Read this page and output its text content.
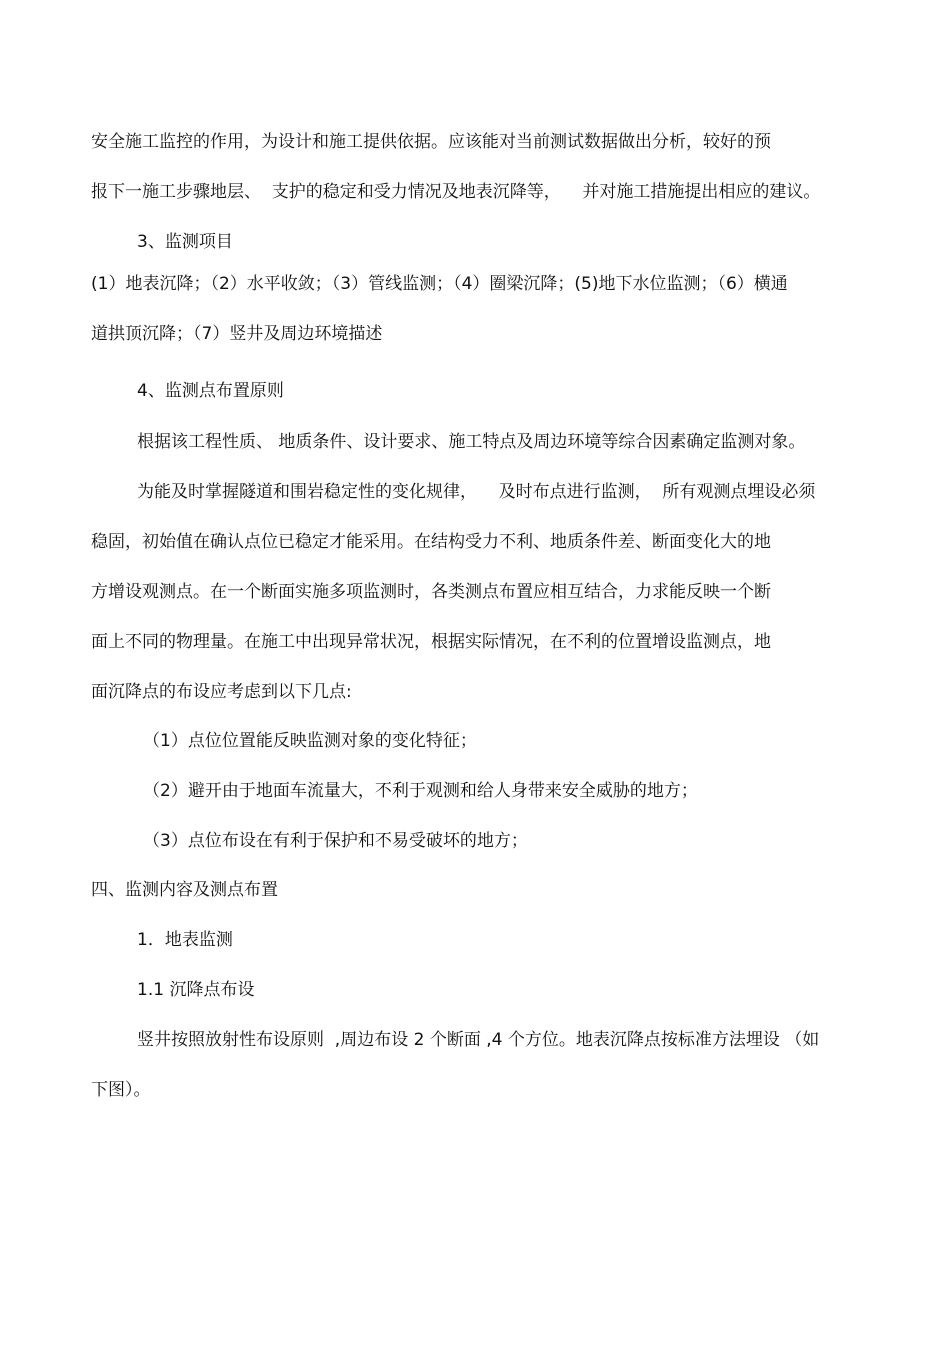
安全施工监控的作用，为设计和施工提供依据。应该能对当前测试数据做出分析，较好的预
报下一施工步骤地层、  支护的稳定和受力情况及地表沉降等，    并对施工措施提出相应的建议。
3、监测项目
(1）地表沉降；（2）水平收敛；（3）管线监测；（4）圈梁沉降；(5)地下水位监测；（6）横通
道拱顶沉降；（7）竖井及周边环境描述
4、监测点布置原则
根据该工程性质、 地质条件、设计要求、施工特点及周边环境等综合因素确定监测对象。
为能及时掌握隧道和围岩稳定性的变化规律，    及时布点进行监测，  所有观测点埋设必须
稳固，初始值在确认点位已稳定才能采用。在结构受力不利、地质条件差、断面变化大的地
方增设观测点。在一个断面实施多项监测时，各类测点布置应相互结合，力求能反映一个断
面上不同的物理量。在施工中出现异常状况，根据实际情况，在不利的位置增设监测点，地
面沉降点的布设应考虑到以下几点:
（1）点位位置能反映监测对象的变化特征；
（2）避开由于地面车流量大，不利于观测和给人身带来安全威胁的地方；
（3）点位布设在有利于保护和不易受破坏的地方；
四、监测内容及测点布置
1．地表监测
1.1 沉降点布设
竖井按照放射性布设原则  ,周边布设 2 个断面 ,4 个方位。地表沉降点按标准方法埋设 （如
下图）。
